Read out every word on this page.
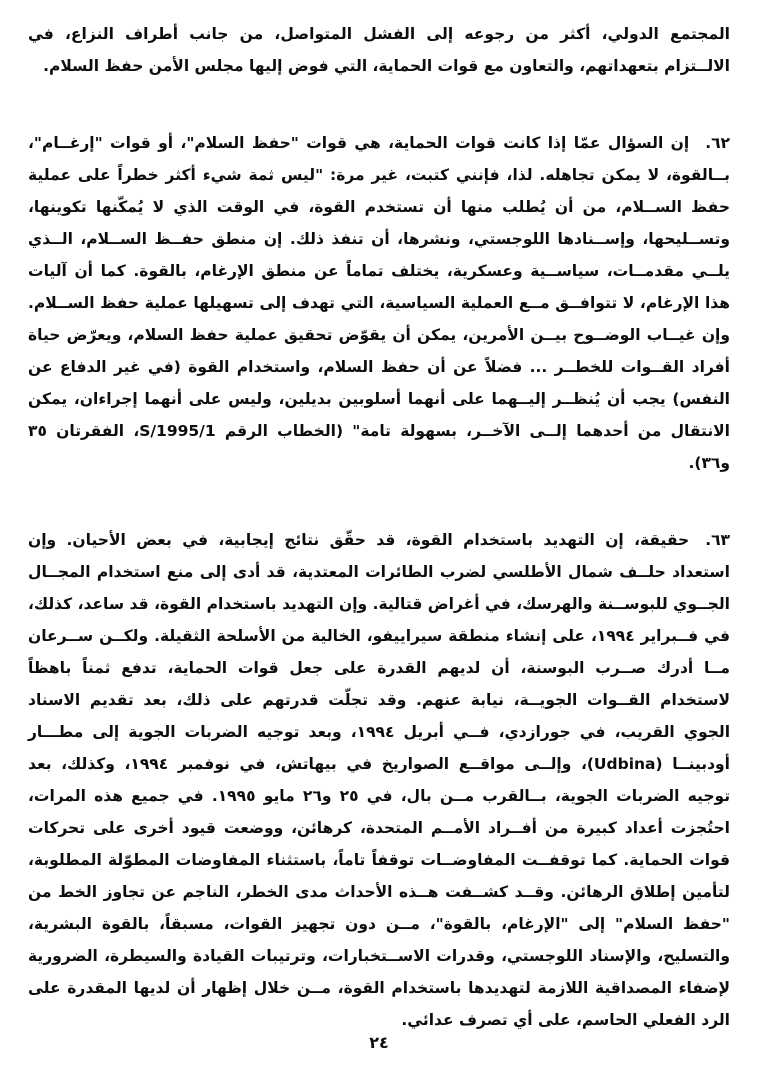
المجتمع الدولي، أكثر من رجوعه إلى الفشل المتواصل، من جانب أطراف النزاع، في الالــتزام بتعهداتهم، والتعاون مع قوات الحماية، التي فوض إليها مجلس الأمن حفظ السلام.

٦٢.إن السؤال عمّا إذا كانت قوات الحماية، هي قوات "حفظ السلام"، أو قوات "إرغــام"، بــالقوة، لا يمكن تجاهله. لذا، فإنني كتبت، غير مرة: "ليس ثمة شيء أكثر خطراً على عملية حفظ الســلام، من أن يُطلب منها أن تستخدم القوة، في الوقت الذي لا يُمكّنها تكوينها، وتســليحها، وإســنادها اللوجستي، ونشرها، أن تنفذ ذلك. إن منطق حفــظ الســلام، الــذي يلــي مقدمــات، سياســية وعسكرية، يختلف تماماً عن منطق الإرغام، بالقوة. كما أن آليات هذا الإرغام، لا تتوافــق مــع العملية السياسية، التي تهدف إلى تسهيلها عملية حفظ الســلام. وإن غيــاب الوضــوح بيــن الأمرين، يمكن أن يقوّض تحقيق عملية حفظ السلام، ويعرّض حياة أفراد القــوات للخطــر ... فضلاً عن أن حفظ السلام، واستخدام القوة (في غير الدفاع عن النفس) يجب أن يُنظــر إليــهما على أنهما أسلوبين بديلين، وليس على أنهما إجراءان، يمكن الانتقال من أحدهما إلــى الآخــر، بسهولة تامة" (الخطاب الرقم S/1995/1، الفقرتان ٣٥ و٣٦).

٦٣.حقيقة، إن التهديد باستخدام القوة، قد حقّق نتائج إيجابية، في بعض الأحيان. وإن استعداد حلــف شمال الأطلسي لضرب الطائرات المعتدية، قد أدى إلى منع استخدام المجــال الجــوي للبوســنة والهرسك، في أغراض قتالية. وإن التهديد باستخدام القوة، قد ساعد، كذلك، في فــبراير ١٩٩٤، على إنشاء منطقة سيراييفو، الخالية من الأسلحة الثقيلة. ولكــن ســرعان مــا أدرك صــرب البوسنة، أن لديهم القدرة على جعل قوات الحماية، تدفع ثمناً باهظاً لاستخدام القــوات الجويــة، نيابة عنهم. وقد تجلّت قدرتهم على ذلك، بعد تقديم الاسناد الجوي القريب، في جورازدي، فــي أبريل ١٩٩٤، وبعد توجيه الضربات الجوية إلى مطـــار أودبينــا (Udbina)، وإلــى مواقــع الصواريخ في بيهاتش، في نوفمبر ١٩٩٤، وكذلك، بعد توجيه الضربات الجوية، بــالقرب مــن بال، في ٢٥ و٢٦ مايو ١٩٩٥. في جميع هذه المرات، احتُجزت أعداد كبيرة من أفــراد الأمــم المتحدة، كرهائن، ووضعت قيود أخرى على تحركات قوات الحماية. كما توقفــت المفاوضــات توقفاً تاماً، باستثناء المفاوضات المطوّلة المطلوبة، لتأمين إطلاق الرهائن. وقــد كشــفت هــذه الأحداث مدى الخطر، الناجم عن تجاوز الخط من "حفظ السلام" إلى "الإرغام، بالقوة"، مــن دون تجهيز القوات، مسبقاً، بالقوة البشرية، والتسليح، والإسناد اللوجستي، وقدرات الاســتخبارات، وترتيبات القيادة والسيطرة، الضرورية لإضفاء المصداقية اللازمة لتهديدها باستخدام القوة، مــن خلال إظهار أن لديها المقدرة على الرد الفعلي الحاسم، على أي تصرف عدائي.

٢٤
